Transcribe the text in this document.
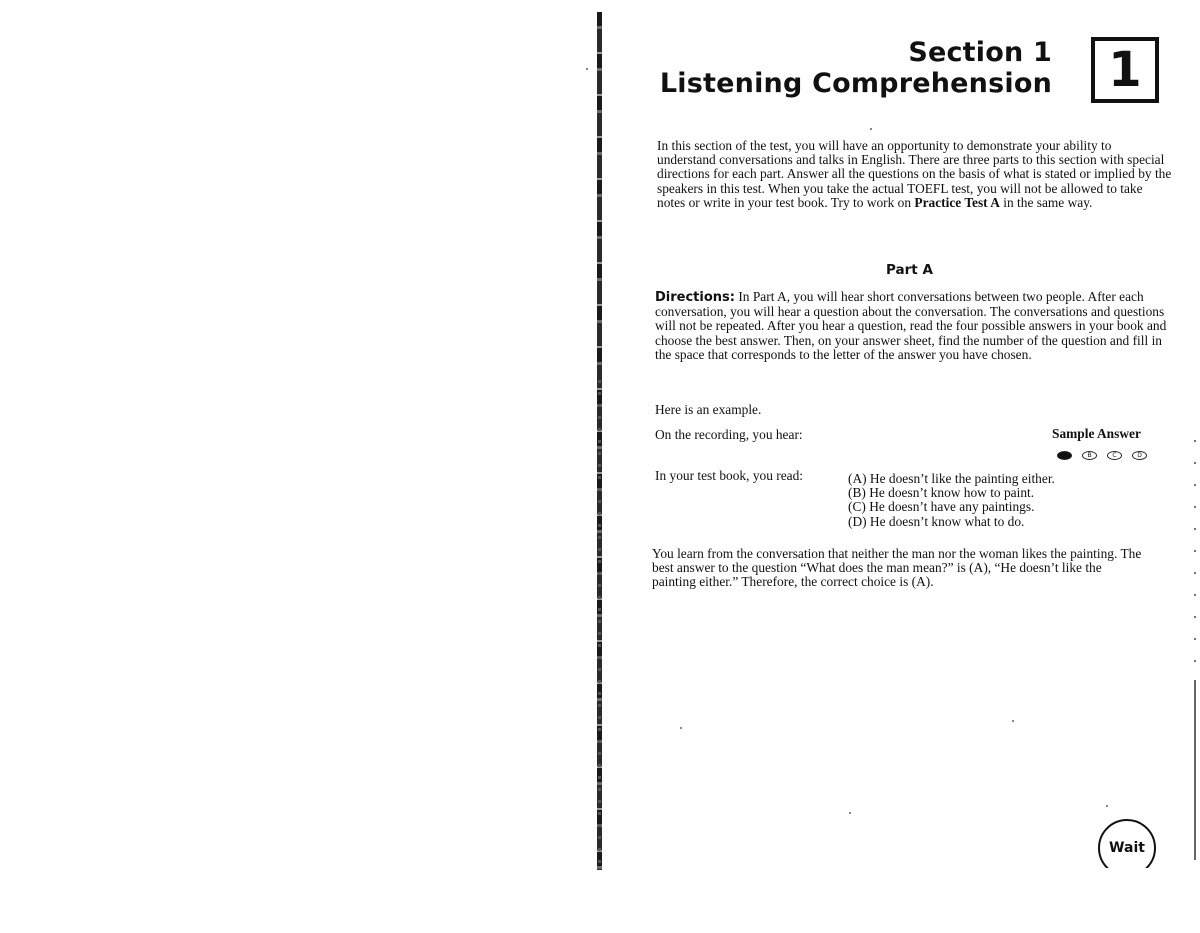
Section 1
Listening Comprehension	1

In this section of the test, you will have an opportunity to demonstrate your ability to understand conversations and talks in English. There are three parts to this section with special directions for each part. Answer all the questions on the basis of what is stated or implied by the speakers in this test. When you take the actual TOEFL test, you will not be allowed to take notes or write in your test book. Try to work on Practice Test A in the same way.

Part A

Directions: In Part A, you will hear short conversations between two people. After each conversation, you will hear a question about the conversation. The conversations and questions will not be repeated. After you hear a question, read the four possible answers in your book and choose the best answer. Then, on your answer sheet, find the number of the question and fill in the space that corresponds to the letter of the answer you have chosen.

Here is an example.

On the recording, you hear:	Sample Answer

A	B	C	D

In your test book, you read:	(A) He doesn’t like the painting either.
(B) He doesn’t know how to paint.
(C) He doesn’t have any paintings.
(D) He doesn’t know what to do.

You learn from the conversation that neither the man nor the woman likes the painting. The best answer to the question “What does the man mean?” is (A), “He doesn’t like the painting either.” Therefore, the correct choice is (A).

Wait
